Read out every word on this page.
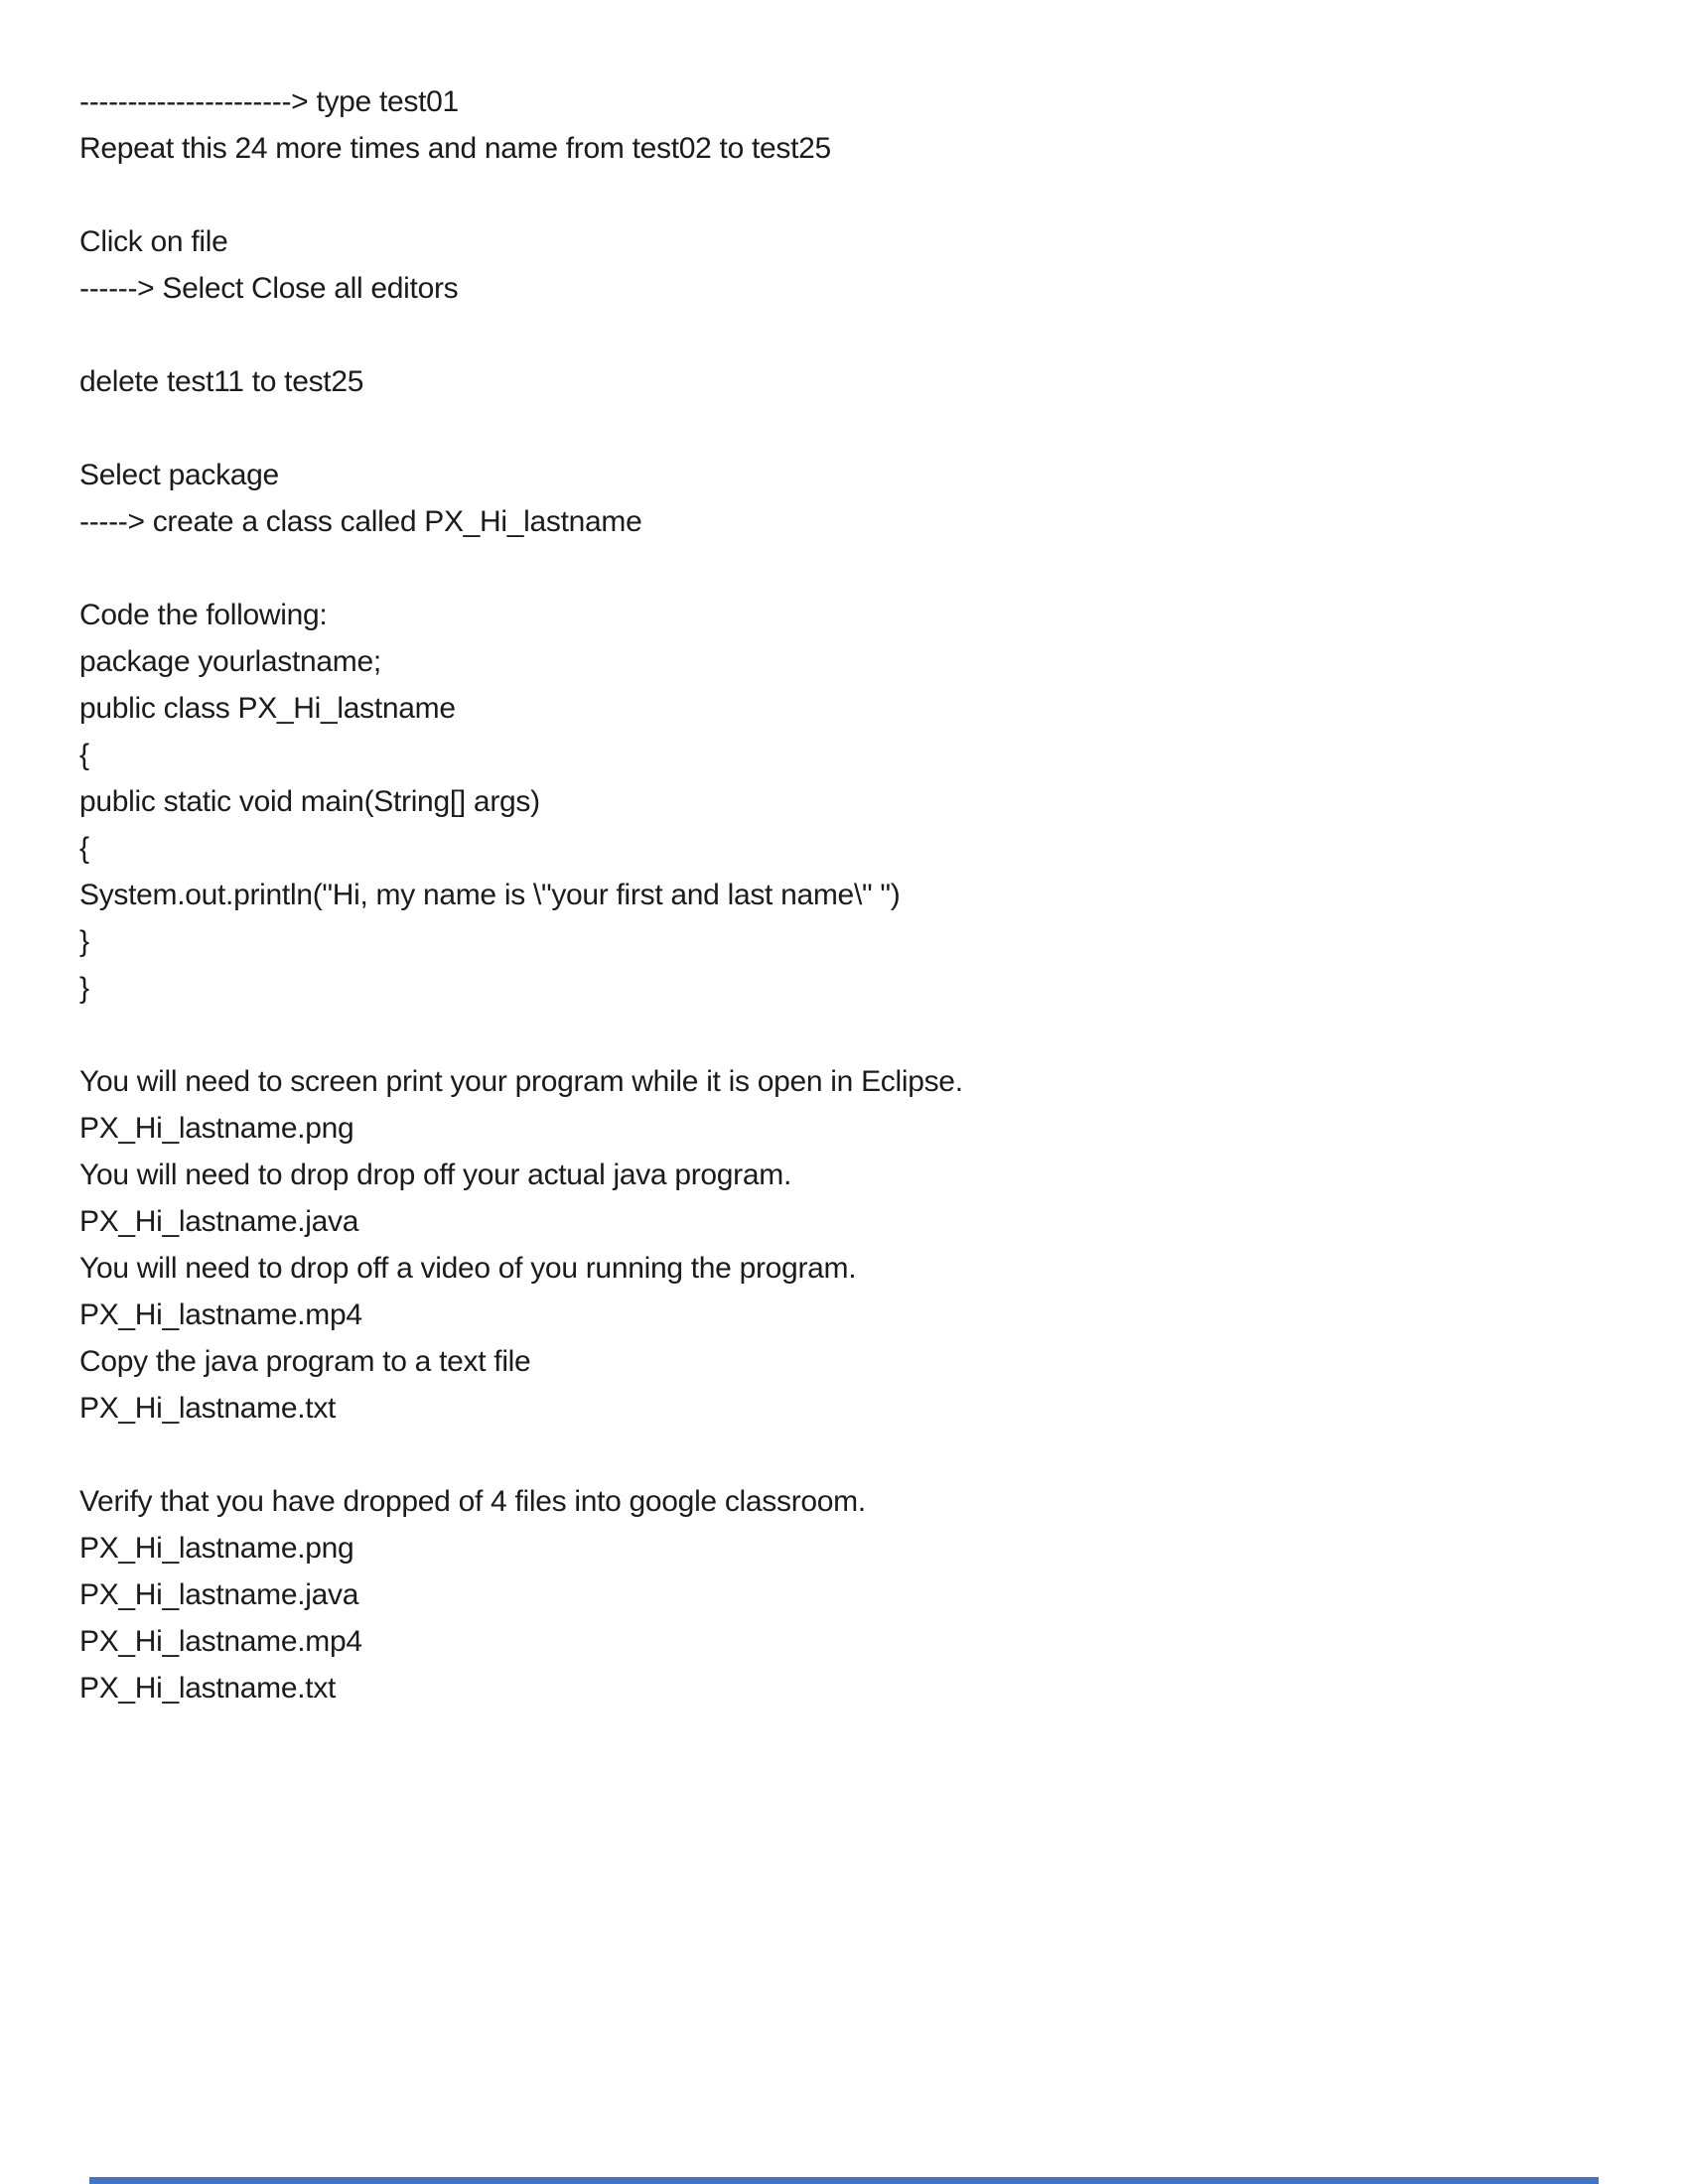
----------------------> type test01
Repeat this 24 more times and name from test02 to test25

Click on file
------> Select Close all editors

delete test11 to test25

Select package
-----> create a class called PX_Hi_lastname

Code the following:
package yourlastname;
public class PX_Hi_lastname
{
public static void main(String[] args)
{
System.out.println("Hi, my name is \"your first and last name\" ")
}
}

You will need to screen print your program while it is open in Eclipse.
PX_Hi_lastname.png
You will need to drop drop off your actual java program.
PX_Hi_lastname.java
You will need to drop off a video of you running the program.
PX_Hi_lastname.mp4
Copy the java program to a text file
PX_Hi_lastname.txt

Verify that you have dropped of 4 files into google classroom.
PX_Hi_lastname.png
PX_Hi_lastname.java
PX_Hi_lastname.mp4
PX_Hi_lastname.txt
